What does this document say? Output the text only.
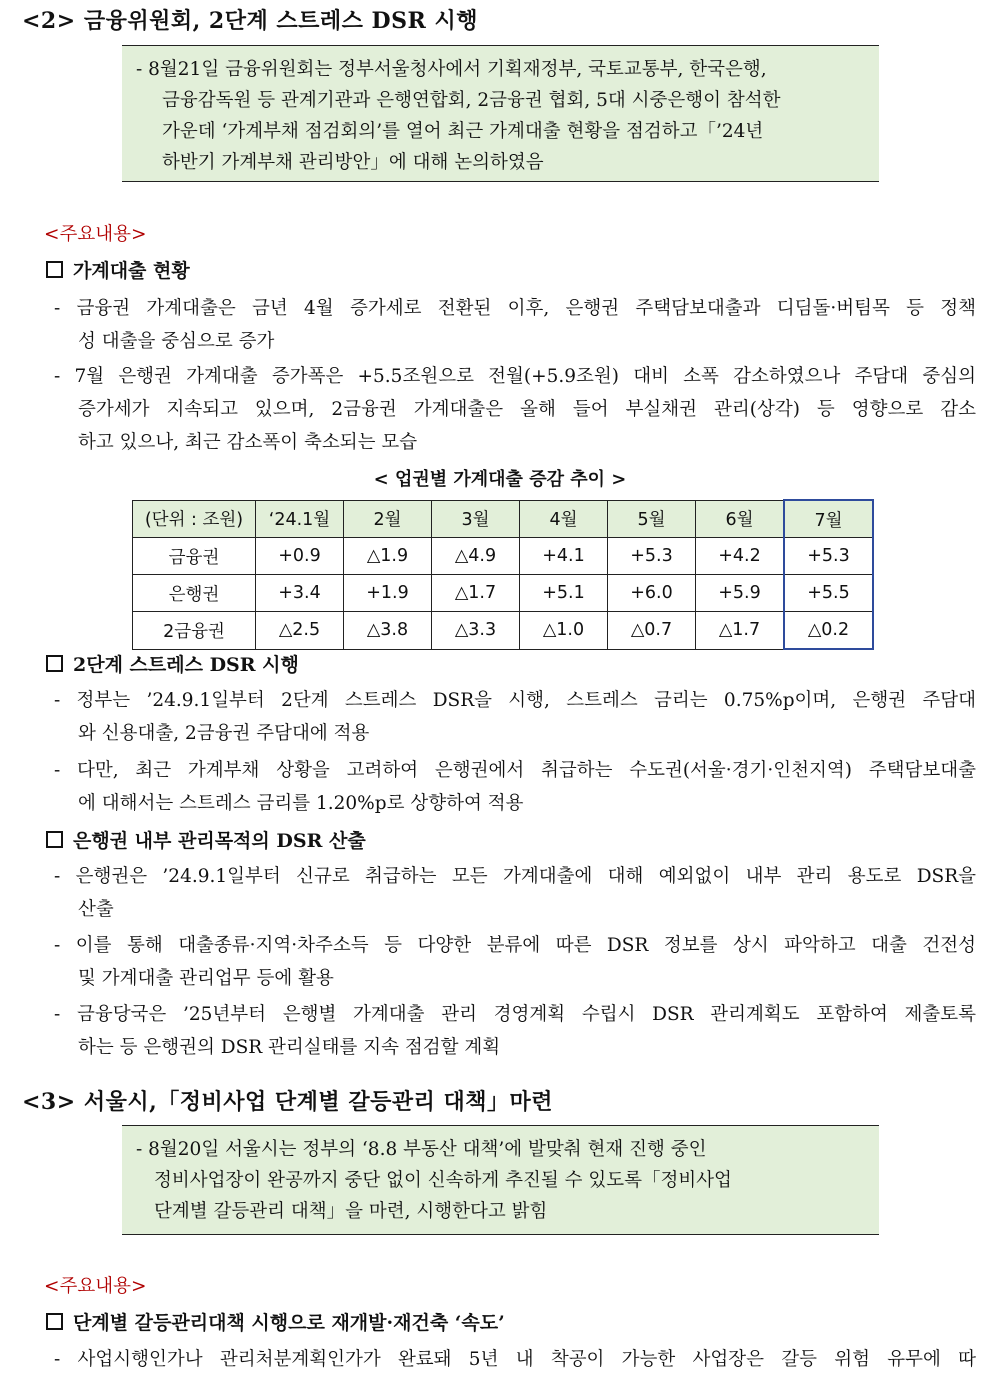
<2> 금융위원회, 2단계 스트레스 DSR 시행
- 8월21일 금융위원회는 정부서울청사에서 기획재정부, 국토교통부, 한국은행,
금융감독원 등 관계기관과 은행연합회, 2금융권 협회, 5대 시중은행이 참석한
가운데 ‘가계부채 점검회의’를 열어 최근 가계대출 현황을 점검하고「’24년
하반기 가계부채 관리방안」에 대해 논의하였음
<주요내용>
가계대출 현황
- 금융권 가계대출은 금년 4월 증가세로 전환된 이후, 은행권 주택담보대출과 디딤돌·버팀목 등 정책
성 대출을 중심으로 증가
- 7월 은행권 가계대출 증가폭은 +5.5조원으로 전월(+5.9조원) 대비 소폭 감소하였으나 주담대 중심의
증가세가 지속되고 있으며, 2금융권 가계대출은 올해 들어 부실채권 관리(상각) 등 영향으로 감소
하고 있으나, 최근 감소폭이 축소되는 모습
< 업권별 가계대출 증감 추이 >
(단위 : 조원)	‘24.1월	2월	3월	4월	5월	6월	7월
금융권	+0.9	△1.9	△4.9	+4.1	+5.3	+4.2	+5.3
은행권	+3.4	+1.9	△1.7	+5.1	+6.0	+5.9	+5.5
2금융권	△2.5	△3.8	△3.3	△1.0	△0.7	△1.7	△0.2
2단계 스트레스 DSR 시행
- 정부는 ’24.9.1일부터 2단계 스트레스 DSR을 시행, 스트레스 금리는 0.75%p이며, 은행권 주담대
와 신용대출, 2금융권 주담대에 적용
- 다만, 최근 가계부채 상황을 고려하여 은행권에서 취급하는 수도권(서울·경기·인천지역) 주택담보대출
에 대해서는 스트레스 금리를 1.20%p로 상향하여 적용
은행권 내부 관리목적의 DSR 산출
- 은행권은 ’24.9.1일부터 신규로 취급하는 모든 가계대출에 대해 예외없이 내부 관리 용도로 DSR을
산출
- 이를 통해 대출종류·지역·차주소득 등 다양한 분류에 따른 DSR 정보를 상시 파악하고 대출 건전성
및 가계대출 관리업무 등에 활용
- 금융당국은 ’25년부터 은행별 가계대출 관리 경영계획 수립시 DSR 관리계획도 포함하여 제출토록
하는 등 은행권의 DSR 관리실태를 지속 점검할 계획
<3> 서울시,「정비사업 단계별 갈등관리 대책」마련
- 8월20일 서울시는 정부의 ‘8.8 부동산 대책’에 발맞춰 현재 진행 중인
정비사업장이 완공까지 중단 없이 신속하게 추진될 수 있도록「정비사업
단계별 갈등관리 대책」을 마련, 시행한다고 밝힘
<주요내용>
단계별 갈등관리대책 시행으로 재개발·재건축 ‘속도’
- 사업시행인가나 관리처분계획인가가 완료돼 5년 내 착공이 가능한 사업장은 갈등 위험 유무에 따
